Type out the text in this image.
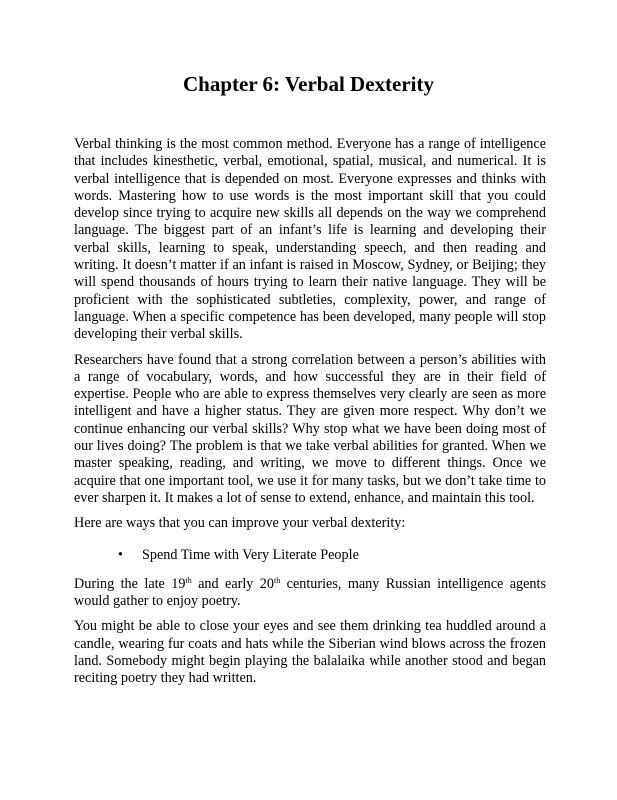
Chapter 6: Verbal Dexterity

Verbal thinking is the most common method. Everyone has a range of intelligence that includes kinesthetic, verbal, emotional, spatial, musical, and numerical. It is verbal intelligence that is depended on most. Everyone expresses and thinks with words. Mastering how to use words is the most important skill that you could develop since trying to acquire new skills all depends on the way we comprehend language. The biggest part of an infant’s life is learning and developing their verbal skills, learning to speak, understanding speech, and then reading and writing. It doesn’t matter if an infant is raised in Moscow, Sydney, or Beijing; they will spend thousands of hours trying to learn their native language. They will be proficient with the sophisticated subtleties, complexity, power, and range of language. When a specific competence has been developed, many people will stop developing their verbal skills.

Researchers have found that a strong correlation between a person’s abilities with a range of vocabulary, words, and how successful they are in their field of expertise. People who are able to express themselves very clearly are seen as more intelligent and have a higher status. They are given more respect. Why don’t we continue enhancing our verbal skills? Why stop what we have been doing most of our lives doing? The problem is that we take verbal abilities for granted. When we master speaking, reading, and writing, we move to different things. Once we acquire that one important tool, we use it for many tasks, but we don’t take time to ever sharpen it. It makes a lot of sense to extend, enhance, and maintain this tool.

Here are ways that you can improve your verbal dexterity:

•	Spend Time with Very Literate People

During the late 19th and early 20th centuries, many Russian intelligence agents would gather to enjoy poetry.

You might be able to close your eyes and see them drinking tea huddled around a candle, wearing fur coats and hats while the Siberian wind blows across the frozen land. Somebody might begin playing the balalaika while another stood and began reciting poetry they had written.
